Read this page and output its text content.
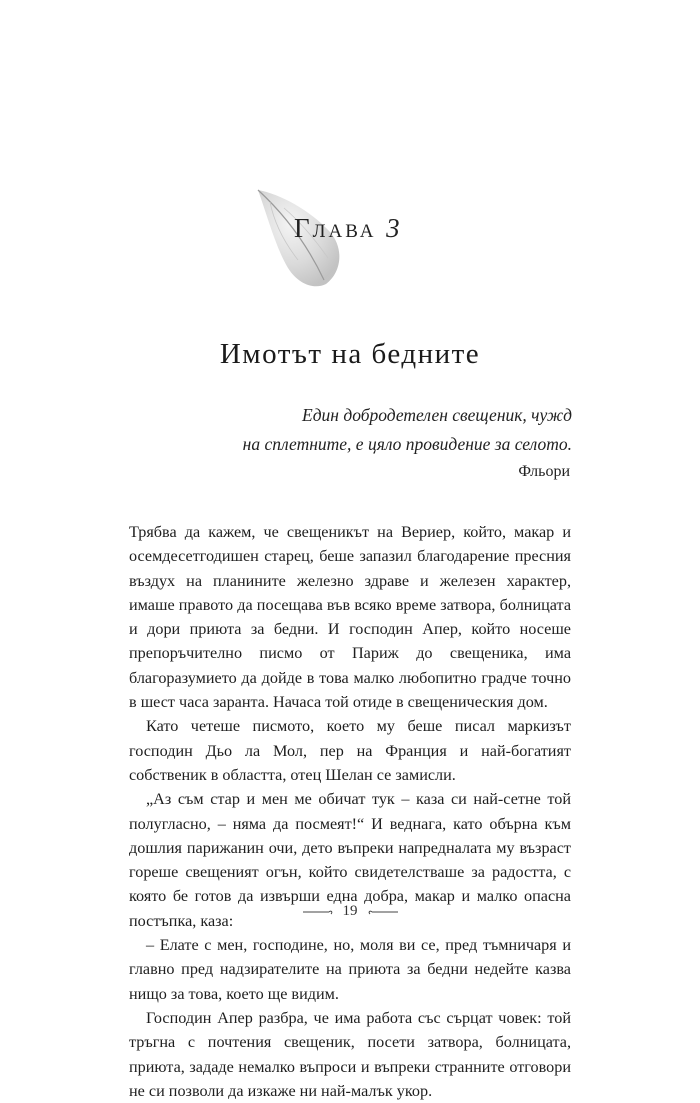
Глава 3
Имотът на бедните
Един добродетелен свещеник, чужд
на сплетните, е цяло провидение за селото.
Фльори

Трябва да кажем, че свещеникът на Вериер, който, макар и осемдесетгодишен старец, беше запазил благодарение пресния въздух на планините железно здраве и железен характер, имаше правото да посещава във всяко време затвора, болницата и дори приюта за бедни. И господин Апер, който носеше препоръчително писмо от Париж до свещеника, има благоразумието да дойде в това малко любопитно градче точно в шест часа заранта. Начаса той отиде в свещеническия дом.

Като четеше писмото, което му беше писал маркизът господин Дьо ла Мол, пер на Франция и най-богатият собственик в областта, отец Шелан се замисли.

„Аз съм стар и мен ме обичат тук – каза си най-сетне той полугласно, – няма да посмеят!“ И веднага, като обърна към дошлия парижанин очи, дето въпреки напредналата му възраст гореше свещеният огън, който свидетелстваше за радостта, с която бе готов да извърши една добра, макар и малко опасна постъпка, каза:

– Елате с мен, господине, но, моля ви се, пред тъмничаря и главно пред надзирателите на приюта за бедни недейте казва нищо за това, което ще видим.

Господин Апер разбра, че има работа със сърцат човек: той тръгна с почтения свещеник, посети затвора, болницата, приюта, зададе немалко въпроси и въпреки странните отговори не си позволи да изкаже ни най-малък укор.

19
